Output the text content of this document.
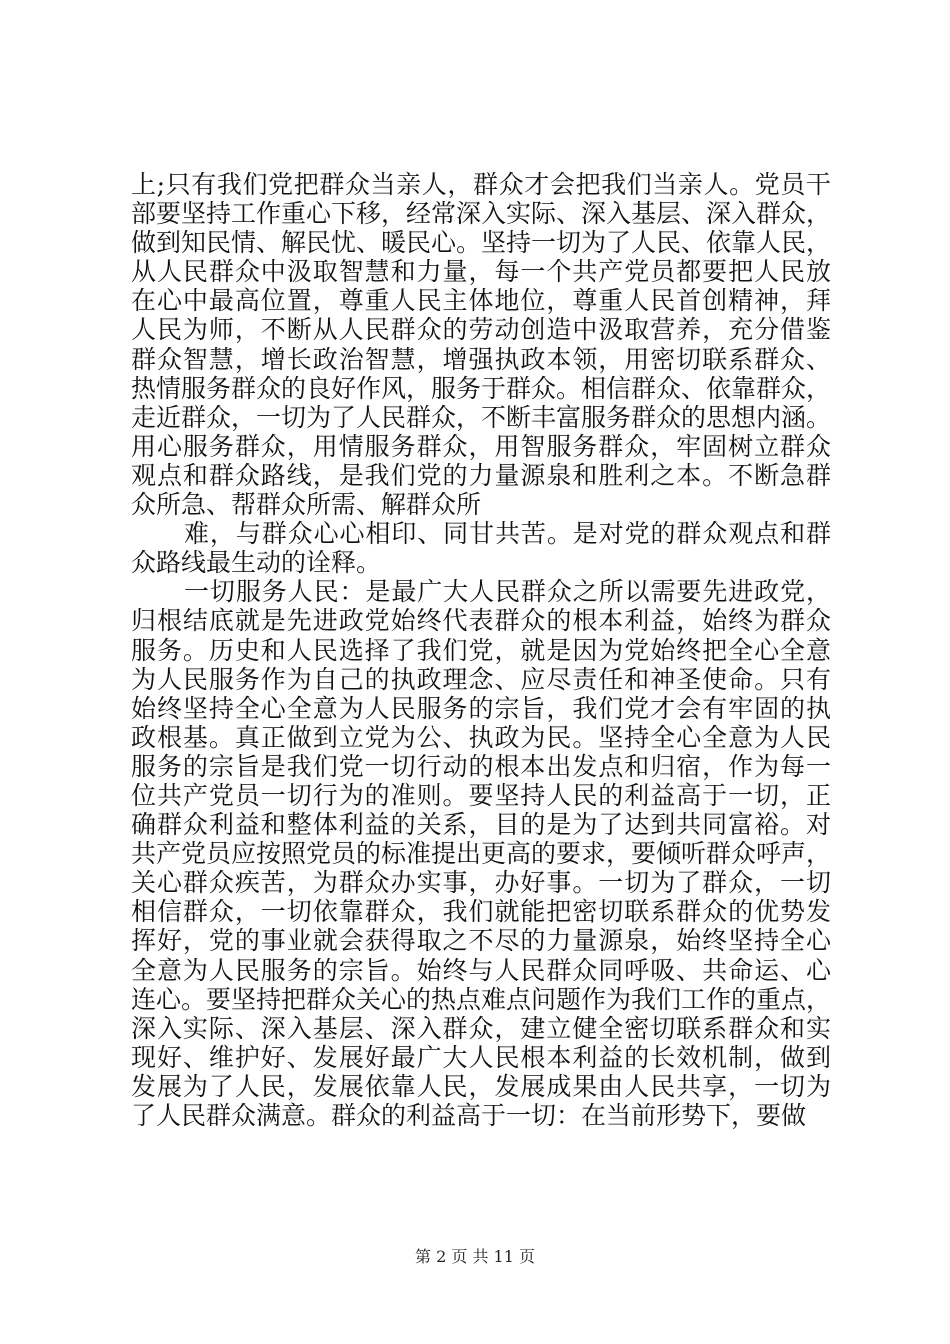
上;只有我们党把群众当亲人，群众才会把我们当亲人。党员干
部要坚持工作重心下移，经常深入实际、深入基层、深入群众，
做到知民情、解民忧、暖民心。坚持一切为了人民、依靠人民，
从人民群众中汲取智慧和力量，每一个共产党员都要把人民放
在心中最高位置，尊重人民主体地位，尊重人民首创精神，拜
人民为师，不断从人民群众的劳动创造中汲取营养，充分借鉴
群众智慧，增长政治智慧，增强执政本领，用密切联系群众、
热情服务群众的良好作风，服务于群众。相信群众、依靠群众，
走近群众，一切为了人民群众，不断丰富服务群众的思想内涵。
用心服务群众，用情服务群众，用智服务群众，牢固树立群众
观点和群众路线，是我们党的力量源泉和胜利之本。不断急群
众所急、帮群众所需、解群众所
难，与群众心心相印、同甘共苦。是对党的群众观点和群
众路线最生动的诠释。
一切服务人民：是最广大人民群众之所以需要先进政党，
归根结底就是先进政党始终代表群众的根本利益，始终为群众
服务。历史和人民选择了我们党，就是因为党始终把全心全意
为人民服务作为自己的执政理念、应尽责任和神圣使命。只有
始终坚持全心全意为人民服务的宗旨，我们党才会有牢固的执
政根基。真正做到立党为公、执政为民。坚持全心全意为人民
服务的宗旨是我们党一切行动的根本出发点和归宿，作为每一
位共产党员一切行为的准则。要坚持人民的利益高于一切，正
确群众利益和整体利益的关系，目的是为了达到共同富裕。对
共产党员应按照党员的标准提出更高的要求，要倾听群众呼声，
关心群众疾苦，为群众办实事，办好事。一切为了群众，一切
相信群众，一切依靠群众，我们就能把密切联系群众的优势发
挥好，党的事业就会获得取之不尽的力量源泉，始终坚持全心
全意为人民服务的宗旨。始终与人民群众同呼吸、共命运、心
连心。要坚持把群众关心的热点难点问题作为我们工作的重点，
深入实际、深入基层、深入群众，建立健全密切联系群众和实
现好、维护好、发展好最广大人民根本利益的长效机制，做到
发展为了人民，发展依靠人民，发展成果由人民共享，一切为
了人民群众满意。群众的利益高于一切：在当前形势下，要做
第 2 页 共 11 页
